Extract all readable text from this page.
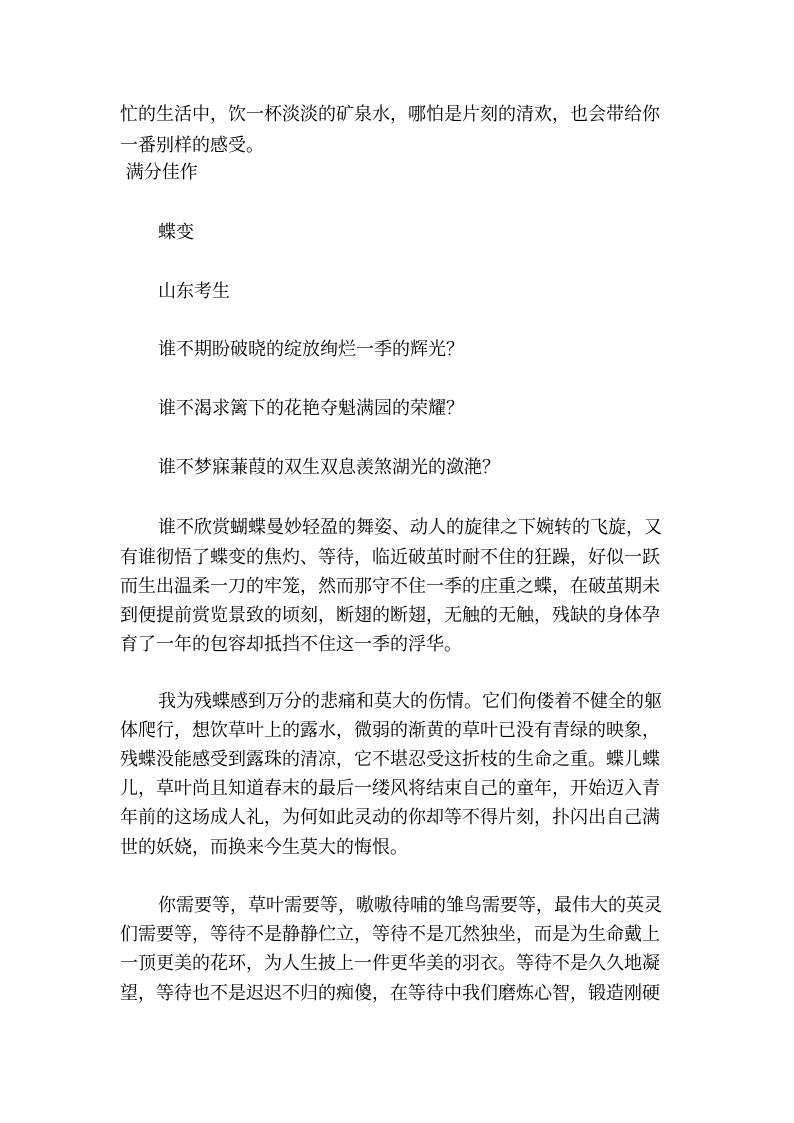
忙的生活中，饮一杯淡淡的矿泉水，哪怕是片刻的清欢，也会带给你
一番别样的感受。
满分佳作
蝶变
山东考生
谁不期盼破晓的绽放绚烂一季的辉光？
谁不渴求篱下的花艳夺魁满园的荣耀？
谁不梦寐蒹葭的双生双息羡煞湖光的潋滟？
谁不欣赏蝴蝶曼妙轻盈的舞姿、动人的旋律之下婉转的飞旋，又
有谁彻悟了蝶变的焦灼、等待，临近破茧时耐不住的狂躁，好似一跃
而生出温柔一刀的牢笼，然而那守不住一季的庄重之蝶，在破茧期未
到便提前赏览景致的顷刻，断翅的断翅，无触的无触，残缺的身体孕
育了一年的包容却抵挡不住这一季的浮华。
我为残蝶感到万分的悲痛和莫大的伤情。它们佝偻着不健全的躯
体爬行，想饮草叶上的露水，微弱的渐黄的草叶已没有青绿的映象，
残蝶没能感受到露珠的清凉，它不堪忍受这折枝的生命之重。蝶儿蝶
儿，草叶尚且知道春末的最后一缕风将结束自己的童年，开始迈入青
年前的这场成人礼，为何如此灵动的你却等不得片刻，扑闪出自己满
世的妖娆，而换来今生莫大的悔恨。
你需要等，草叶需要等，嗷嗷待哺的雏鸟需要等，最伟大的英灵
们需要等，等待不是静静伫立，等待不是兀然独坐，而是为生命戴上
一顶更美的花环，为人生披上一件更华美的羽衣。等待不是久久地凝
望，等待也不是迟迟不归的痴傻，在等待中我们磨炼心智，锻造刚硬
